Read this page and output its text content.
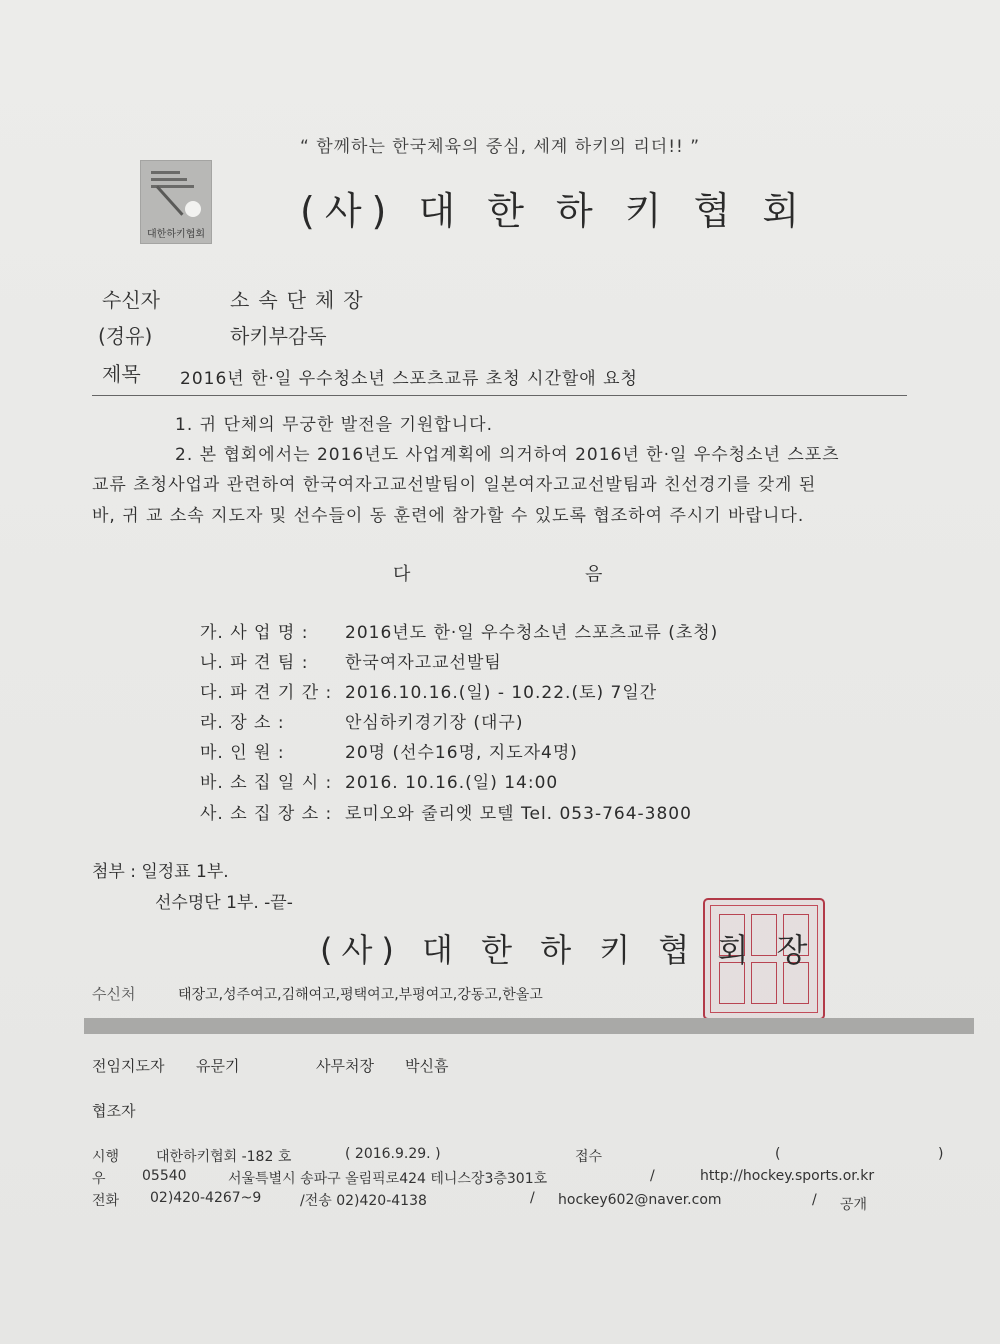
“ 함께하는 한국체육의 중심, 세계 하키의 리더!! ”
대한하키협회
(사) 대 한 하 키 협 회
수신자	소속단체장
(경유)	하키부감독
제목 2016년 한·일 우수청소년 스포츠교류 초청 시간할애 요청
1. 귀 단체의 무궁한 발전을 기원합니다.
2. 본 협회에서는 2016년도 사업계획에 의거하여 2016년 한·일 우수청소년 스포츠
교류 초청사업과 관련하여 한국여자고교선발팀이 일본여자고교선발팀과 친선경기를 갖게 된
바, 귀 교 소속 지도자 및 선수들이 동 훈련에 참가할 수 있도록 협조하여 주시기 바랍니다.
다	음
가. 사 업 명 : 2016년도 한·일 우수청소년 스포츠교류 (초청)
나. 파 견 팀 : 한국여자고교선발팀
다. 파 견 기 간 : 2016.10.16.(일) - 10.22.(토) 7일간
라. 장 소 :	안심하키경기장 (대구)
마. 인 원 :	20명 (선수16명, 지도자4명)
바. 소 집 일 시 : 2016. 10.16.(일) 14:00
사. 소 집 장 소 : 로미오와 줄리엣 모텔 Tel. 053-764-3800
첨부 : 일정표 1부.
선수명단 1부. -끝-
(사) 대 한 하 키 협 회 장
수신처	태장고,성주여고,김해여고,평택여고,부평여고,강동고,한올고
전임지도자 유문기	사무처장 박신흠
협조자
시행	대한하키협회 -182 호	( 2016.9.29. )	접수	(	)
우	05540	서울특별시 송파구 올림픽로424 테니스장3층301호	/	http://hockey.sports.or.kr
전화 02)420-4267~9	/전송 02)420-4138	/ hockey602@naver.com	/ 공개
